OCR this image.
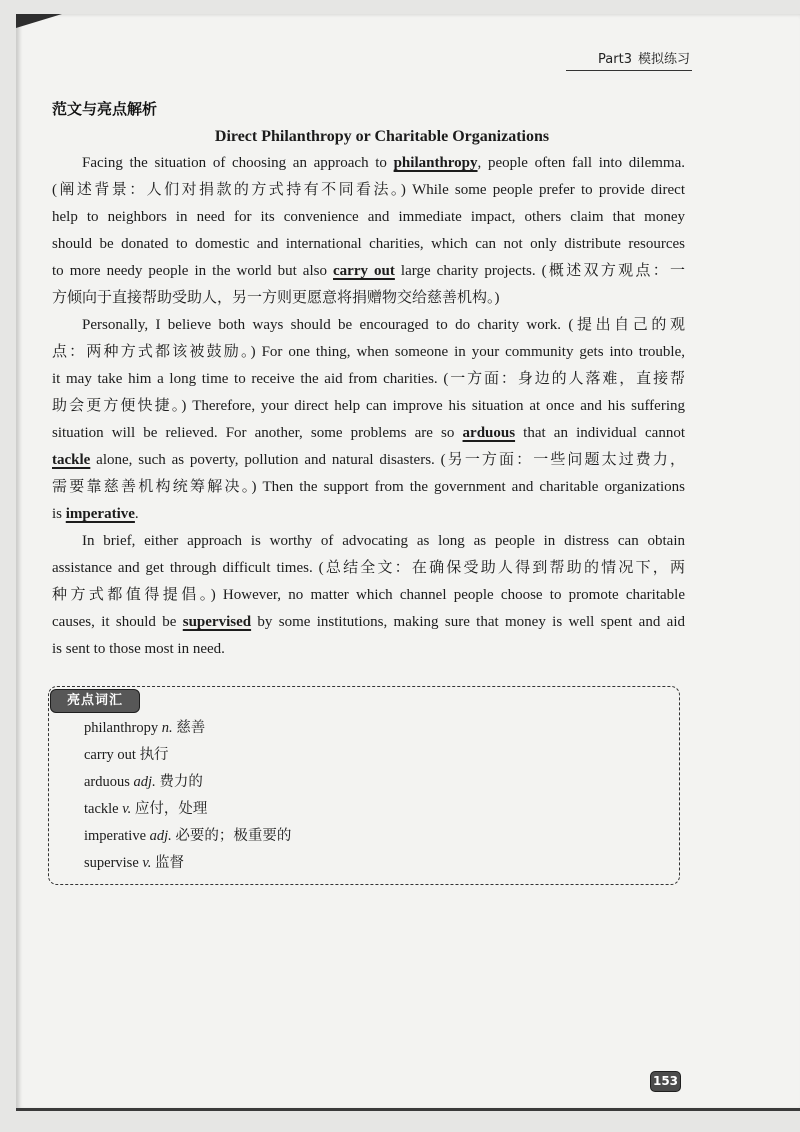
Part3 模拟练习
范文与亮点解析
Direct Philanthropy or Charitable Organizations
Facing the situation of choosing an approach to philanthropy, people often fall into dilemma.
(阐述背景：人们对捐款的方式持有不同看法。) While some people prefer to provide direct
help to neighbors in need for its convenience and immediate impact, others claim that money
should be donated to domestic and international charities, which can not only distribute resources
to more needy people in the world but also carry out large charity projects. (概述双方观点：一
方倾向于直接帮助受助人，另一方则更愿意将捐赠物交给慈善机构。)
Personally, I believe both ways should be encouraged to do charity work. (提出自己的观
点：两种方式都该被鼓励。) For one thing, when someone in your community gets into trouble,
it may take him a long time to receive the aid from charities. (一方面：身边的人落难，直接帮
助会更方便快捷。) Therefore, your direct help can improve his situation at once and his suffering
situation will be relieved. For another, some problems are so arduous that an individual cannot
tackle alone, such as poverty, pollution and natural disasters. (另一方面：一些问题太过费力，
需要靠慈善机构统筹解决。) Then the support from the government and charitable organizations
is imperative.
In brief, either approach is worthy of advocating as long as people in distress can obtain
assistance and get through difficult times. (总结全文：在确保受助人得到帮助的情况下，两
种方式都值得提倡。) However, no matter which channel people choose to promote charitable
causes, it should be supervised by some institutions, making sure that money is well spent and aid
is sent to those most in need.
亮点词汇
philanthropy n. 慈善
carry out 执行
arduous adj. 费力的
tackle v. 应付，处理
imperative adj. 必要的；极重要的
supervise v. 监督
153
